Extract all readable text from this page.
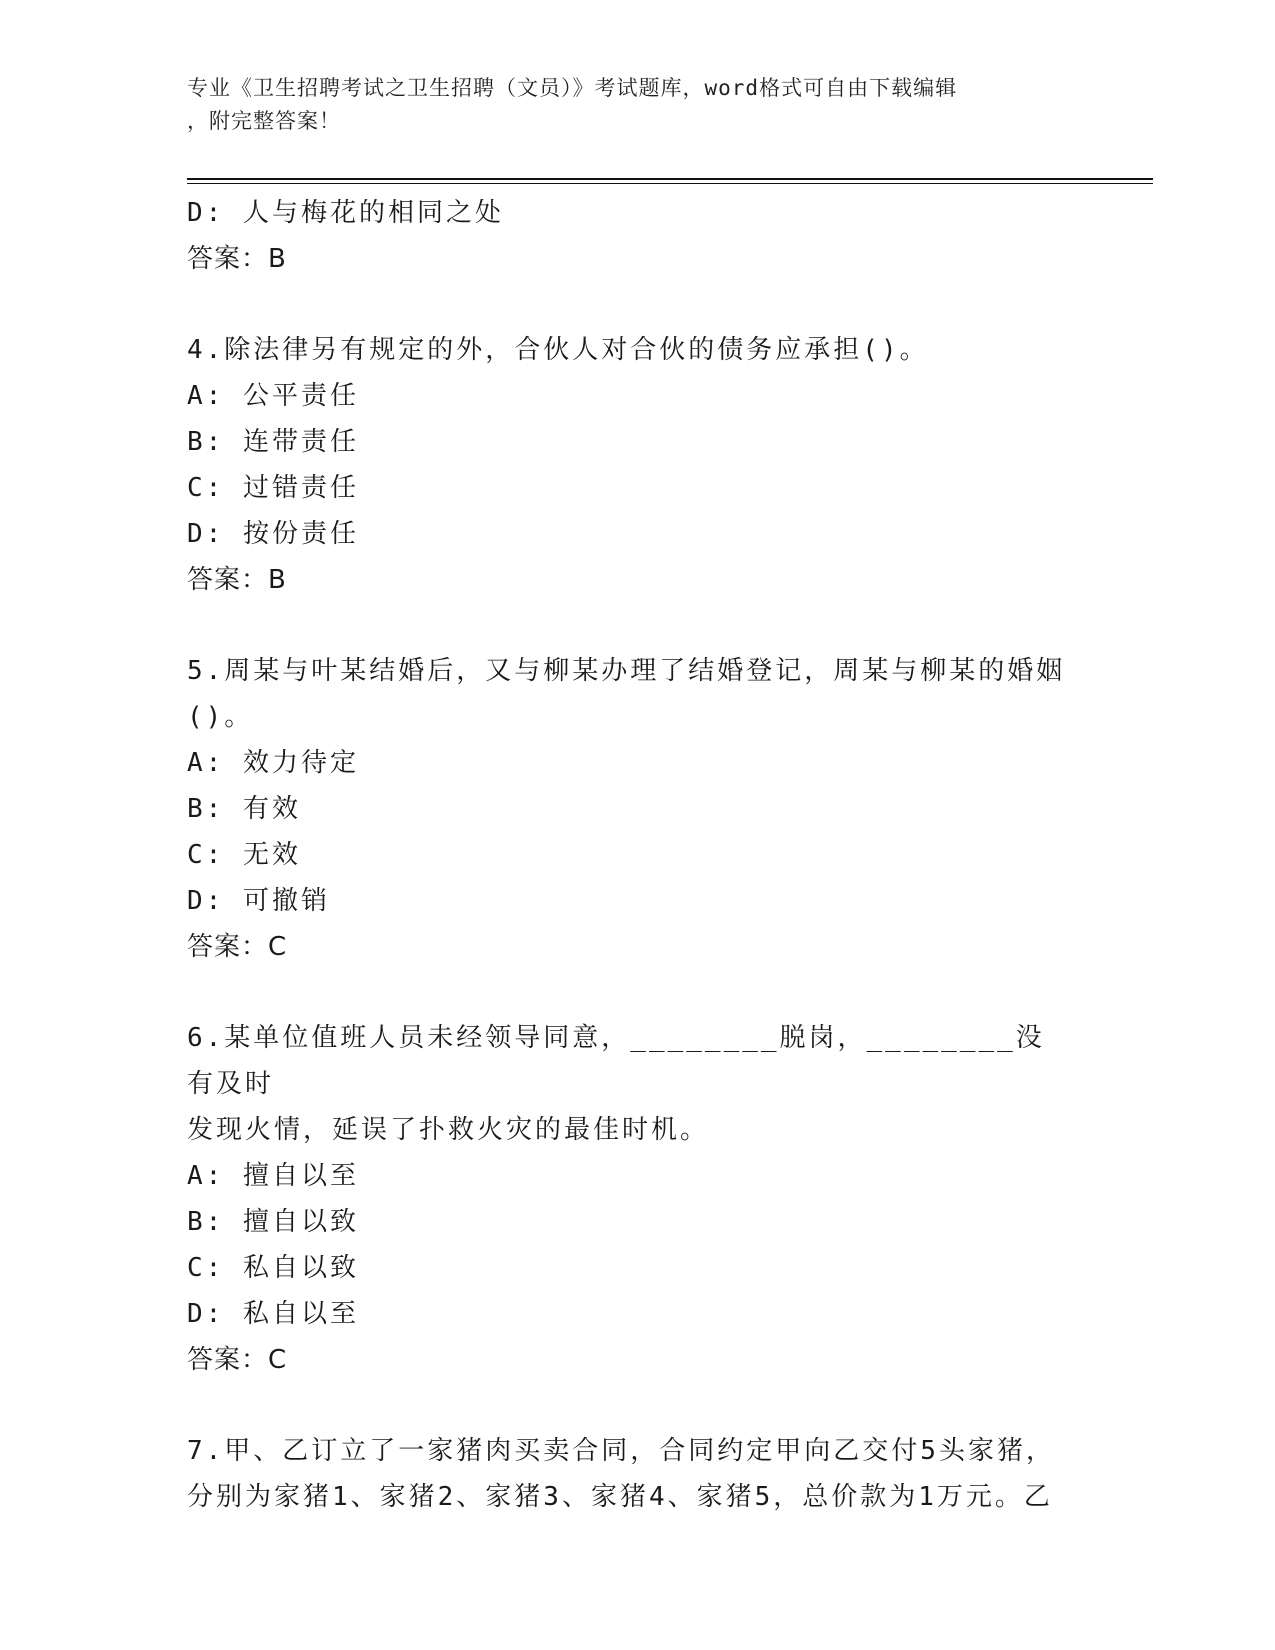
专业《卫生招聘考试之卫生招聘（文员）》考试题库，word格式可自由下载编辑
，附完整答案！
D: 人与梅花的相同之处
答案：B
4.除法律另有规定的外，合伙人对合伙的债务应承担()。
A: 公平责任
B: 连带责任
C: 过错责任
D: 按份责任
答案：B
5.周某与叶某结婚后，又与柳某办理了结婚登记，周某与柳某的婚姻
()。
A: 效力待定
B: 有效
C: 无效
D: 可撤销
答案：C
6.某单位值班人员未经领导同意，________脱岗，________没有及时
发现火情，延误了扑救火灾的最佳时机。
A: 擅自以至
B: 擅自以致
C: 私自以致
D: 私自以至
答案：C
7.甲、乙订立了一家猪肉买卖合同，合同约定甲向乙交付5头家猪，
分别为家猪1、家猪2、家猪3、家猪4、家猪5，总价款为1万元。乙
